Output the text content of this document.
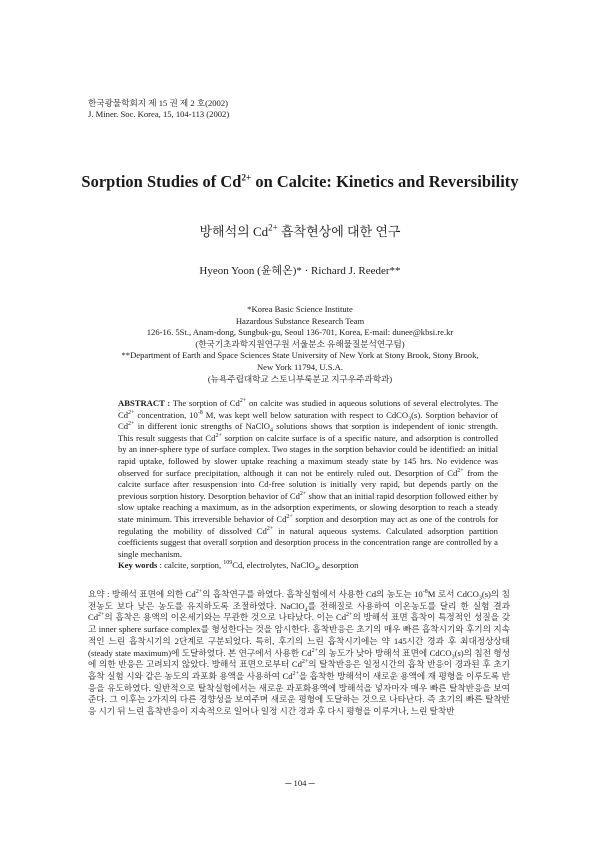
한국광물학회지 제 15 권 제 2 호(2002)
J. Miner. Soc. Korea, 15, 104-113 (2002)
Sorption Studies of $Cd^{2+}$ on Calcite: Kinetics and Reversibility
방해석의 $Cd^{2+}$ 흡착현상에 대한 연구
Hyeon Yoon (윤혜온)* · Richard J. Reeder**
*Korea Basic Science Institute
Hazardous Substance Research Team
126-16. 5St., Anam-dong, Sungbuk-gu, Seoul 136-701, Korea, E-mail: dunee@kbsi.re.kr
(한국기초과학지원연구원 서울분소 유해물질분석연구팀)
**Department of Earth and Space Sciences State University of New York at Stony Brook, Stony Brook,
New York 11794, U.S.A.
(뉴욕주립대학교 스토니부룩분교 지구우주과학과)
ABSTRACT : The sorption of $Cd^{2+}$ on calcite was studied in aqueous solutions of several electrolytes. The $Cd^{2+}$ concentration, $10^{-8}$ M, was kept well below saturation with respect to CdCO$_3$(s). Sorption behavior of $Cd^{2+}$ in different ionic strengths of NaClO$_4$ solutions shows that sorption is independent of ionic strength. This result suggests that $Cd^{2+}$ sorption on calcite surface is of a specific nature, and adsorption is controlled by an inner-sphere type of surface complex. Two stages in the sorption behavior could be identified: an initial rapid uptake, followed by slower uptake reaching a maximum steady state by 145 hrs. No evidence was observed for surface precipitation, although it can not be entirely ruled out. Desorption of $Cd^{2+}$ from the calcite surface after resuspension into Cd-free solution is initially very rapid, but depends partly on the previous sorption history. Desorption behavior of $Cd^{2+}$ show that an initial rapid desorption followed either by slow uptake reaching a maximum, as in the adsorption experiments, or slowing desorption to reach a steady state minimum. This irreversible behavior of $Cd^{2+}$ sorption and desorption may act as one of the controls for regulating the mobility of dissolved $Cd^{2+}$ in natural aqueous systems. Calculated adsorption partition coefficients suggest that overall sorption and desorption process in the concentration range are controlled by a single mechanism.
Key words : calcite, sorption, $^{109}$Cd, electrolytes, NaClO$_4$, desorption
요약 : 방해석 표면에 의한 $Cd^{2+}$의 흡착연구를 하였다. 흡착실험에서 사용한 Cd의 농도는 $10^{-8}M$ 로서 CdCO$_3$(s)의 침전농도 보다 낮은 농도를 유지하도록 조절하였다. NaClO$_4$를 전해질로 사용하여 이온농도를 달리 한 실험 결과 $Cd^{2+}$의 흡착은 용액의 이온세기와는 무관한 것으로 나타났다. 이는 $Cd^{2+}$의 방해석 표면 흡착이 특정적인 성질을 갖고 inner sphere surface complex를 형성한다는 것을 암시한다. 흡착반응은 초기의 매우 빠른 흡착시기와 후기의 지속적인 느린 흡착시기의 2단계로 구분되었다. 특히, 후기의 느린 흡착시기에는 약 145시간 경과 후 최대정상상태 (steady state maximum)에 도달하였다. 본 연구에서 사용한 $Cd^{2+}$의 농도가 낮아 방해석 표면에 CdCO$_3$(s)의 침전 형성에 의한 반응은 고려되지 않았다. 방해석 표면으로부터 $Cd^{2+}$의 탈착반응은 일정시간의 흡착 반응이 경과된 후 초기 흡착 실험 시와 같은 농도의 과포화 용액을 사용하여 $Cd^{2+}$을 흡착한 방해석이 새로운 용액에 재 평형을 이루도록 반응을 유도하였다. 일반적으로 탈착실험에서는 새로운 과포화용액에 방해석을 넣자마자 매우 빠른 탈착반응을 보여준다. 그 이후는 2가지의 다른 경향성을 보여주며 새로운 평형에 도달하는 것으로 나타난다. 즉 초기의 빠른 탈착반응 시기 뒤 느린 흡착반응이 지속적으로 일어나 일정 시간 경과 후 다시 평형을 이루거나, 느린 탈착반
─ 104 ─
